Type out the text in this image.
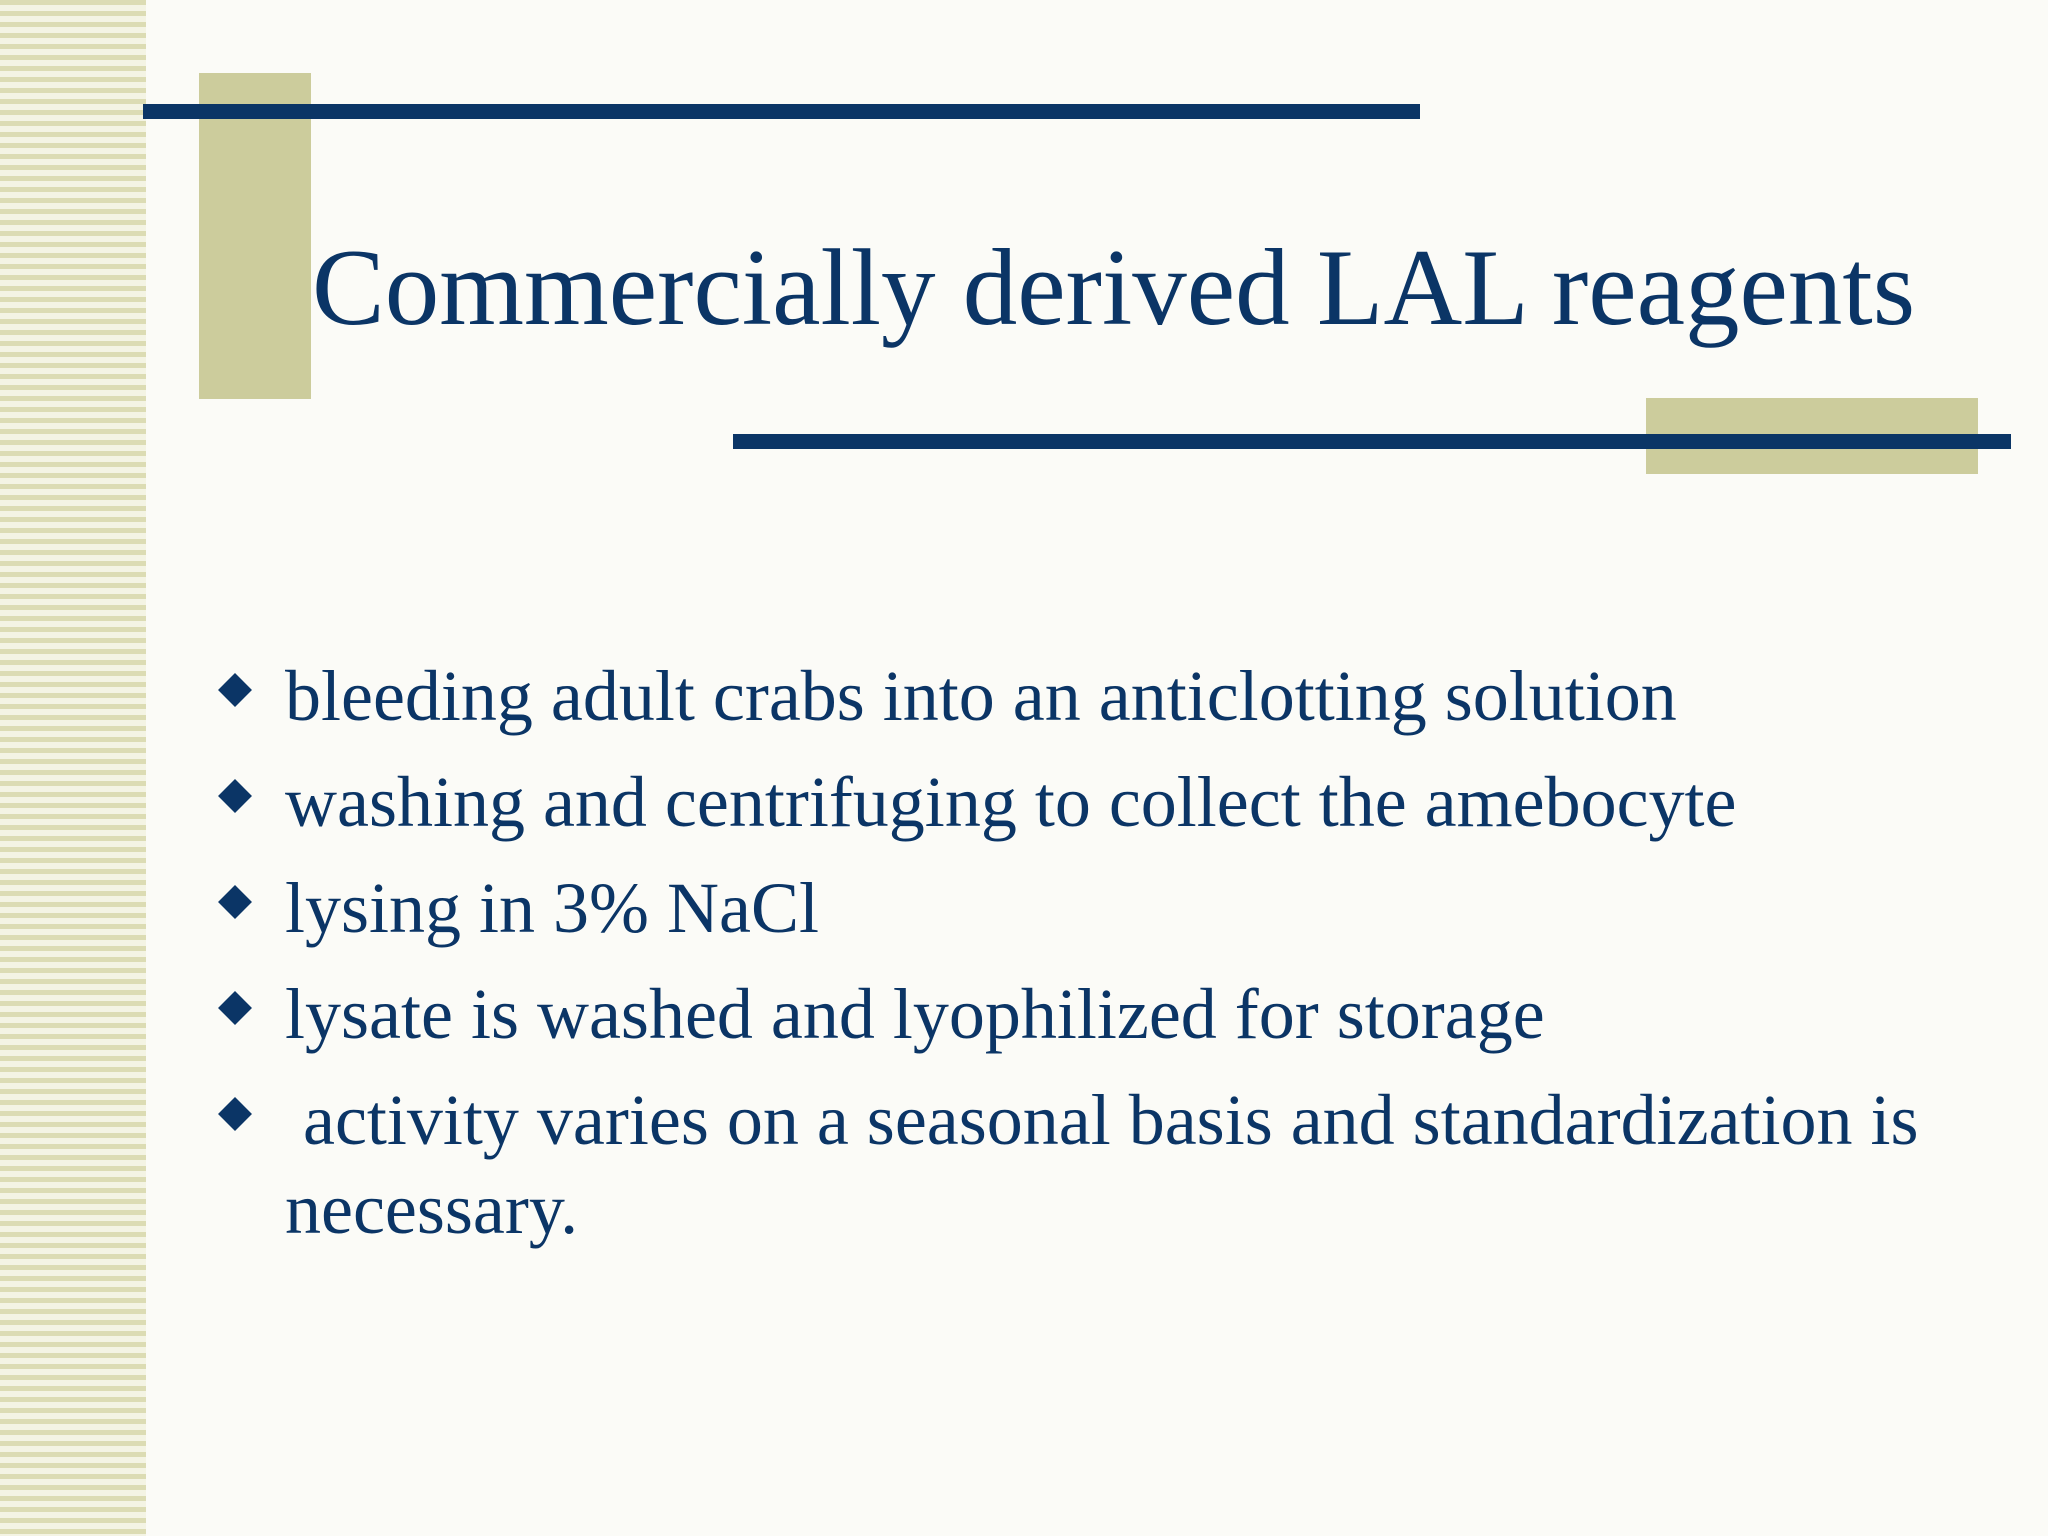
Commercially derived LAL reagents
bleeding adult crabs into an anticlotting solution
washing and centrifuging to collect the amebocyte
lysing in 3% NaCl
lysate is washed and lyophilized for storage
activity varies on a seasonal basis and standardization is necessary.
